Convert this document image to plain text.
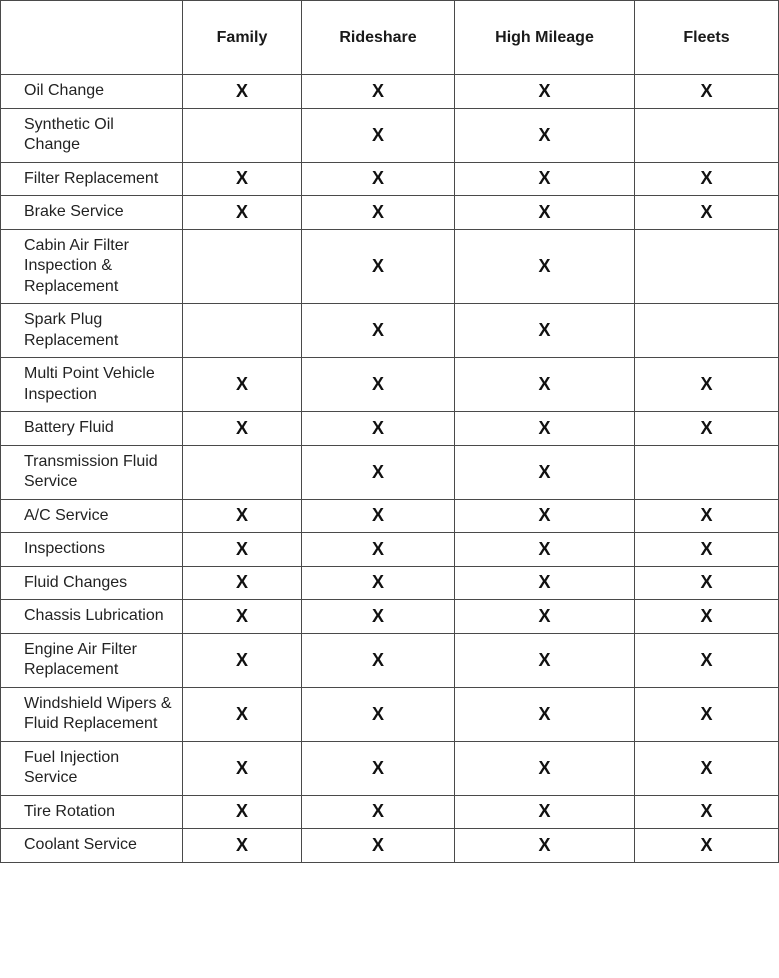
	Family	Rideshare	High Mileage	Fleets
Oil Change	X	X	X	X
Synthetic Oil Change		X	X	
Filter Replacement	X	X	X	X
Brake Service	X	X	X	X
Cabin Air Filter Inspection & Replacement		X	X	
Spark Plug Replacement		X	X	
Multi Point Vehicle Inspection	X	X	X	X
Battery Fluid	X	X	X	X
Transmission Fluid Service		X	X	
A/C Service	X	X	X	X
Inspections	X	X	X	X
Fluid Changes	X	X	X	X
Chassis Lubrication	X	X	X	X
Engine Air Filter Replacement	X	X	X	X
Windshield Wipers & Fluid Replacement	X	X	X	X
Fuel Injection Service	X	X	X	X
Tire Rotation	X	X	X	X
Coolant Service	X	X	X	X
